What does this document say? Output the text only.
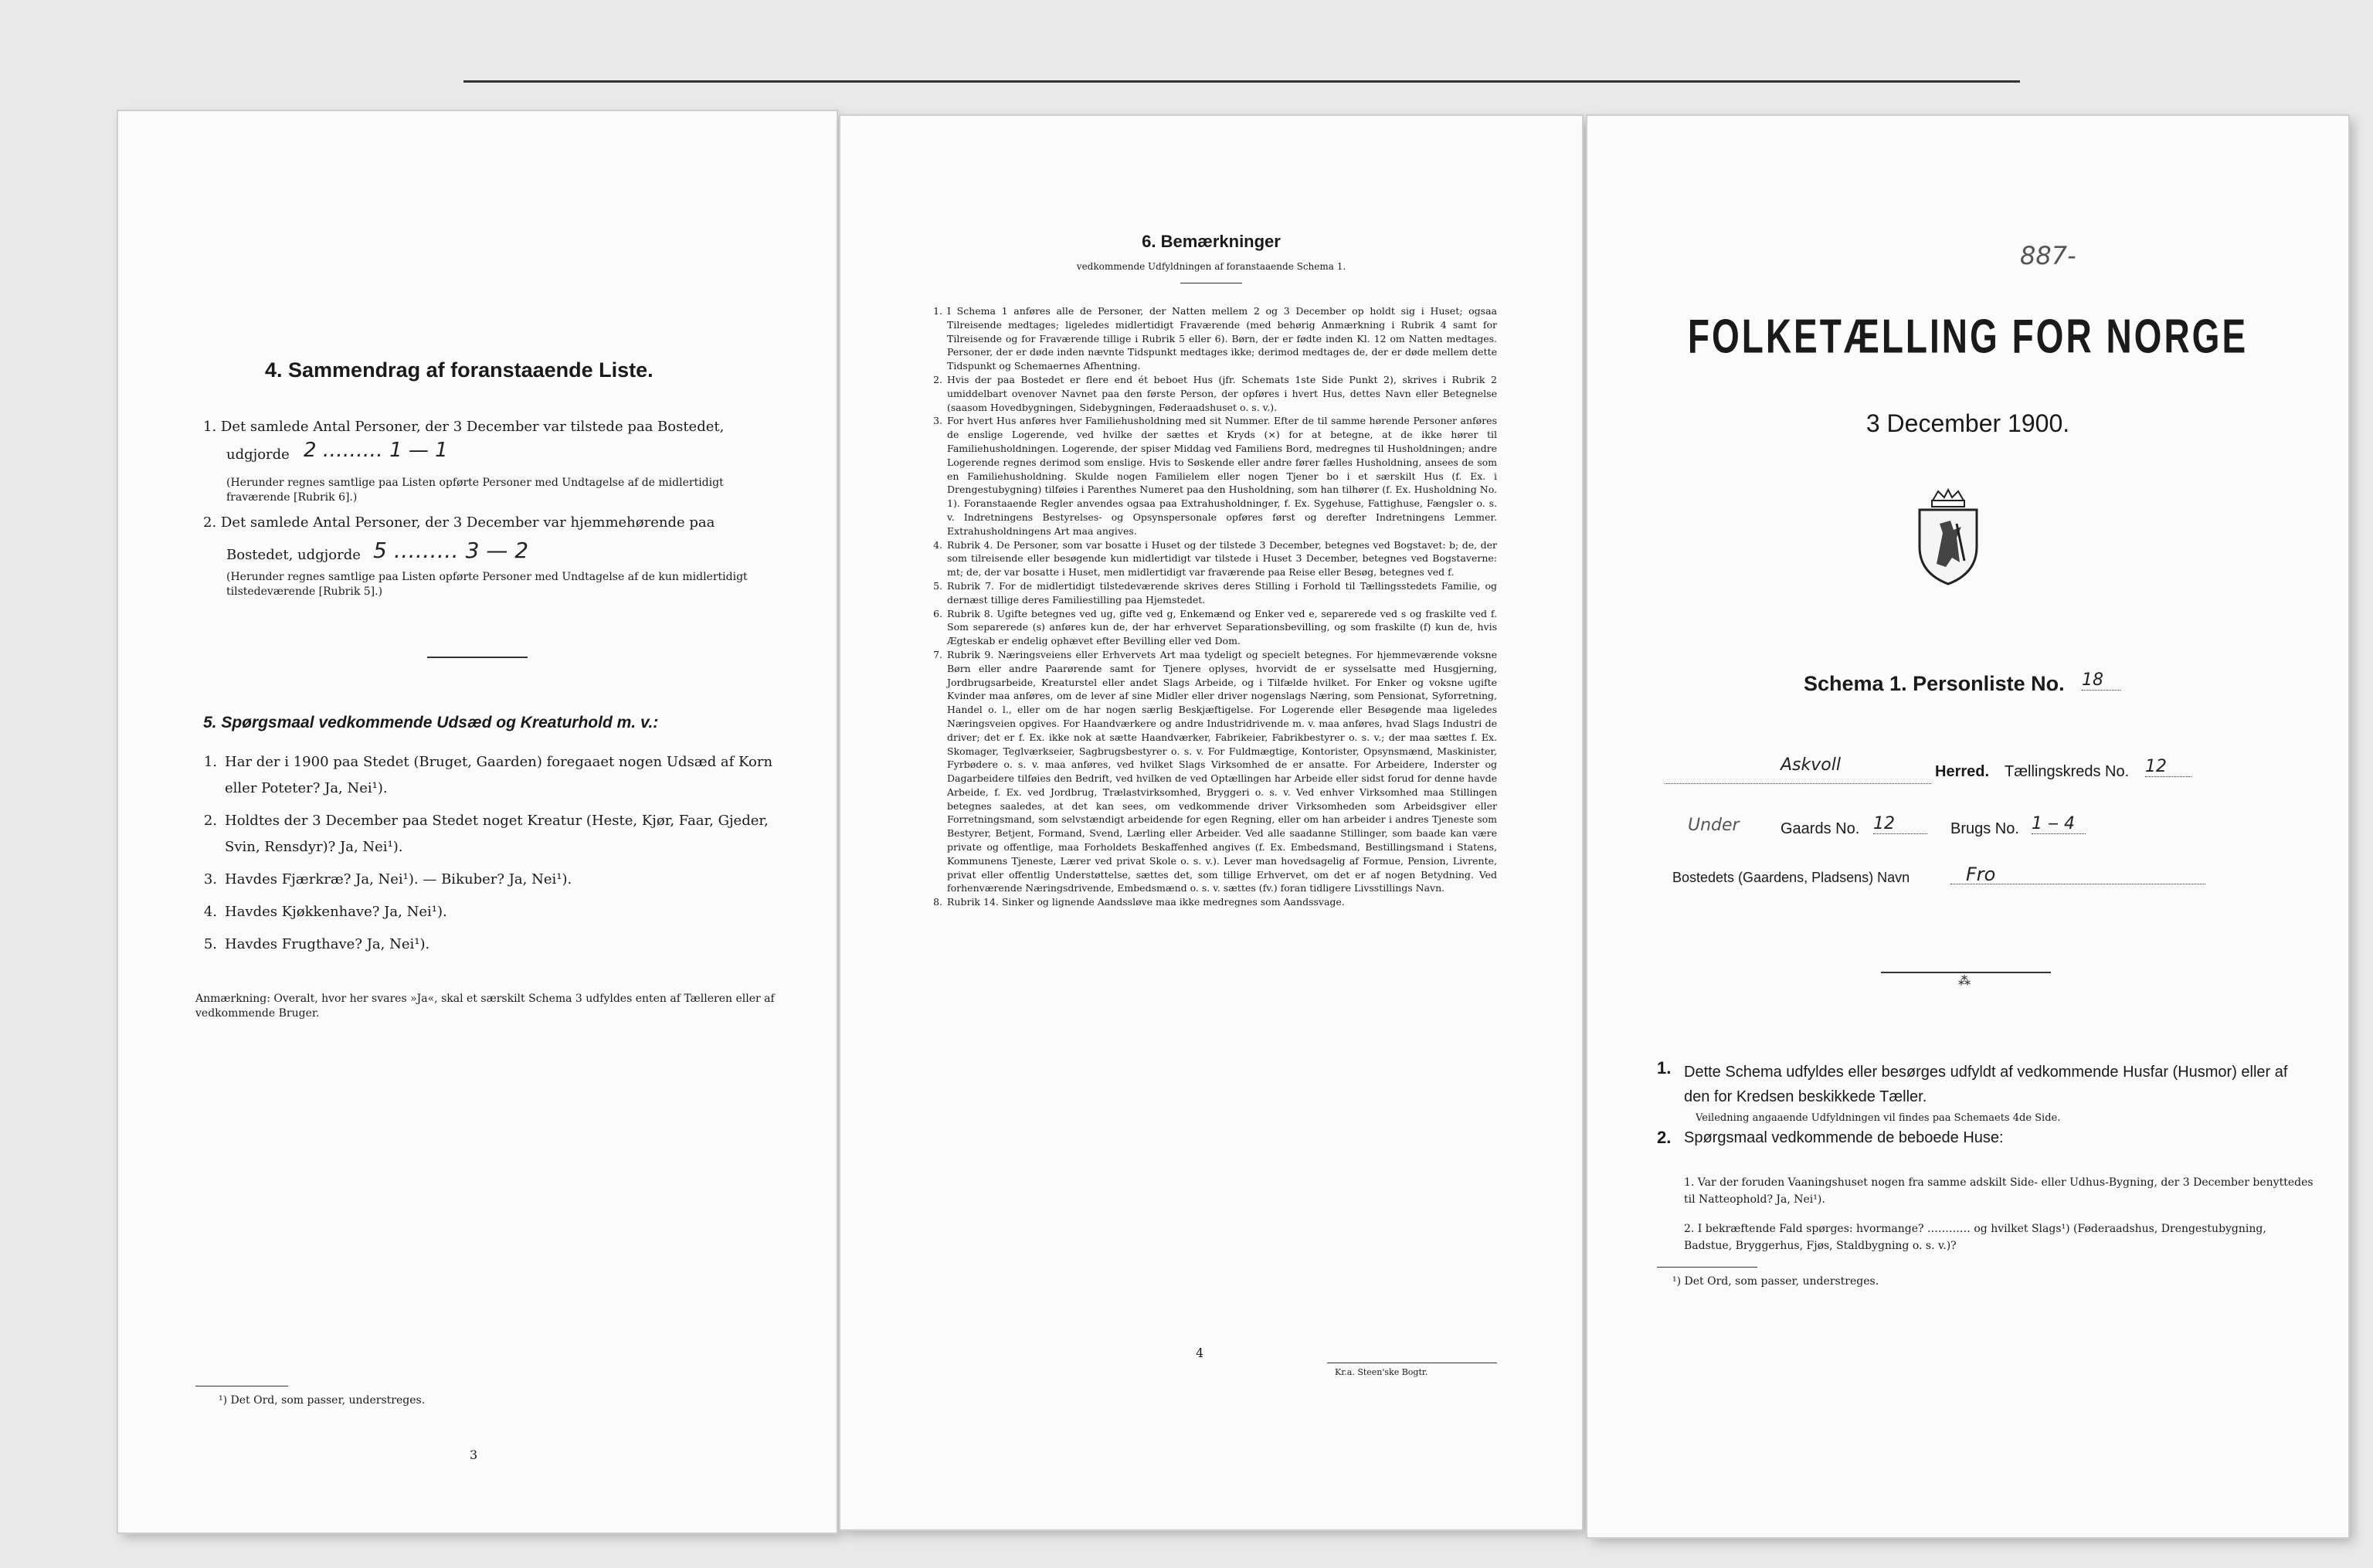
4. Sammendrag af foranstaaende Liste.
1. Det samlede Antal Personer, der 3 December var tilstede paa Bostedet,
udgjorde 2 ……… 1 — 1
(Herunder regnes samtlige paa Listen opførte Personer med Undtagelse af de midlertidigt fraværende [Rubrik 6].)
2. Det samlede Antal Personer, der 3 December var hjemmehørende paa
Bostedet, udgjorde 5 ……… 3 — 2
(Herunder regnes samtlige paa Listen opførte Personer med Undtagelse af de kun midlertidigt tilstedeværende [Rubrik 5].)
5. Spørgsmaal vedkommende Udsæd og Kreaturhold m. v.:
1. Har der i 1900 paa Stedet (Bruget, Gaarden) foregaaet nogen Udsæd af Korn eller Poteter? Ja, Nei¹).
2. Holdtes der 3 December paa Stedet noget Kreatur (Heste, Kjør, Faar, Gjeder, Svin, Rensdyr)? Ja, Nei¹).
3. Havdes Fjærkræ? Ja, Nei¹). — Bikuber? Ja, Nei¹).
4. Havdes Kjøkkenhave? Ja, Nei¹).
5. Havdes Frugthave? Ja, Nei¹).
Anmærkning: Overalt, hvor her svares »Ja«, skal et særskilt Schema 3 udfyldes enten af Tælleren eller af vedkommende Bruger.
¹) Det Ord, som passer, understreges.
3
6. Bemærkninger
vedkommende Udfyldningen af foranstaaende Schema 1.
1. I Schema 1 anføres alle de Personer, der Natten mellem 2 og 3 December op holdt sig i Huset; ogsaa Tilreisende medtages; ligeledes midlertidigt Fraværende (med behørig Anmærkning i Rubrik 4 samt for Tilreisende og for Fraværende tillige i Rubrik 5 eller 6). Børn, der er fødte inden Kl. 12 om Natten medtages. Personer, der er døde inden nævnte Tidspunkt medtages ikke; derimod medtages de, der er døde mellem dette Tidspunkt og Schemaernes Afhentning.

2. Hvis der paa Bostedet er flere end ét beboet Hus (jfr. Schemats 1ste Side Punkt 2), skrives i Rubrik 2 umiddelbart ovenover Navnet paa den første Person, der opføres i hvert Hus, dettes Navn eller Betegnelse (saasom Hovedbygningen, Sidebygningen, Føderaadshuset o. s. v.).

3. For hvert Hus anføres hver Familiehusholdning med sit Nummer. Efter de til samme hørende Personer anføres de enslige Logerende, ved hvilke der sættes et Kryds (×) for at betegne, at de ikke hører til Familiehusholdningen. Logerende, der spiser Middag ved Familiens Bord, medregnes til Husholdningen; andre Logerende regnes derimod som enslige. Hvis to Søskende eller andre fører fælles Husholdning, ansees de som en Familiehusholdning. Skulde nogen Familielem eller nogen Tjener bo i et særskilt Hus (f. Ex. i Drengestubygning) tilføies i Parenthes Numeret paa den Husholdning, som han tilhører (f. Ex. Husholdning No. 1). Foranstaaende Regler anvendes ogsaa paa Extrahusholdninger, f. Ex. Sygehuse, Fattighuse, Fængsler o. s. v. Indretningens Bestyrelses- og Opsynspersonale opføres først og derefter Indretningens Lemmer. Extrahusholdningens Art maa angives.

4. Rubrik 4. De Personer, som var bosatte i Huset og der tilstede 3 December, betegnes ved Bogstavet: b; de, der som tilreisende eller besøgende kun midlertidigt var tilstede i Huset 3 December, betegnes ved Bogstaverne: mt; de, der var bosatte i Huset, men midlertidigt var fraværende paa Reise eller Besøg, betegnes ved f.

5. Rubrik 7. For de midlertidigt tilstedeværende skrives deres Stilling i Forhold til Tællingsstedets Familie, og dernæst tillige deres Familiestilling paa Hjemstedet.

6. Rubrik 8. Ugifte betegnes ved ug, gifte ved g, Enkemænd og Enker ved e, separerede ved s og fraskilte ved f. Som separerede (s) anføres kun de, der har erhvervet Separationsbevilling, og som fraskilte (f) kun de, hvis Ægteskab er endelig ophævet efter Bevilling eller ved Dom.

7. Rubrik 9. Næringsveiens eller Erhvervets Art maa tydeligt og specielt betegnes. For hjemmeværende voksne Børn eller andre Paarørende samt for Tjenere oplyses, hvorvidt de er sysselsatte med Husgjerning, Jordbrugsarbeide, Kreaturstel eller andet Slags Arbeide, og i Tilfælde hvilket. For Enker og voksne ugifte Kvinder maa anføres, om de lever af sine Midler eller driver nogenslags Næring, som Pensionat, Syforretning, Handel o. l., eller om de har nogen særlig Beskjæftigelse. For Logerende eller Besøgende maa ligeledes Næringsveien opgives. For Haandværkere og andre Industridrivende m. v. maa anføres, hvad Slags Industri de driver; det er f. Ex. ikke nok at sætte Haandværker, Fabrikeier, Fabrikbestyrer o. s. v.; der maa sættes f. Ex. Skomager, Teglværkseier, Sagbrugsbestyrer o. s. v. For Fuldmægtige, Kontorister, Opsynsmænd, Maskinister, Fyrbødere o. s. v. maa anføres, ved hvilket Slags Virksomhed de er ansatte. For Arbeidere, Inderster og Dagarbeidere tilføies den Bedrift, ved hvilken de ved Optællingen har Arbeide eller sidst forud for denne havde Arbeide, f. Ex. ved Jordbrug, Trælastvirksomhed, Bryggeri o. s. v. Ved enhver Virksomhed maa Stillingen betegnes saaledes, at det kan sees, om vedkommende driver Virksomheden som Arbeidsgiver eller Forretningsmand, som selvstændigt arbeidende for egen Regning, eller om han arbeider i andres Tjeneste som Bestyrer, Betjent, Formand, Svend, Lærling eller Arbeider. Ved alle saadanne Stillinger, som baade kan være private og offentlige, maa Forholdets Beskaffenhed angives (f. Ex. Embedsmand, Bestillingsmand i Statens, Kommunens Tjeneste, Lærer ved privat Skole o. s. v.). Lever man hovedsagelig af Formue, Pension, Livrente, privat eller offentlig Understøttelse, sættes det, som tillige Erhvervet, om det er af nogen Betydning. Ved forhenværende Næringsdrivende, Embedsmænd o. s. v. sættes (fv.) foran tidligere Livsstillings Navn.

8. Rubrik 14. Sinker og lignende Aandssløve maa ikke medregnes som Aandssvage.

4
Kr.a. Steen'ske Bogtr.
887-
FOLKETÆLLING FOR NORGE
3 December 1900.
Schema 1. Personliste No. 18
Askvoll	Herred. Tællingskreds No. 12
Under	Gaards No. 12	Brugs No. 1 ‒ 4
Bostedets (Gaardens, Pladsens) Navn	Fro
⁂
1. Dette Schema udfyldes eller besørges udfyldt af vedkommende Husfar (Husmor) eller af den for Kredsen beskikkede Tæller.
Veiledning angaaende Udfyldningen vil findes paa Schemaets 4de Side.
2. Spørgsmaal vedkommende de beboede Huse:
1. Var der foruden Vaaningshuset nogen fra samme adskilt Side- eller Udhus-Bygning, der 3 December benyttedes til Natteophold? Ja, Nei¹).
2. I bekræftende Fald spørges: hvormange? ………… og hvilket Slags¹) (Føderaadshus, Drengestubygning, Badstue, Bryggerhus, Fjøs, Staldbygning o. s. v.)?
¹) Det Ord, som passer, understreges.
